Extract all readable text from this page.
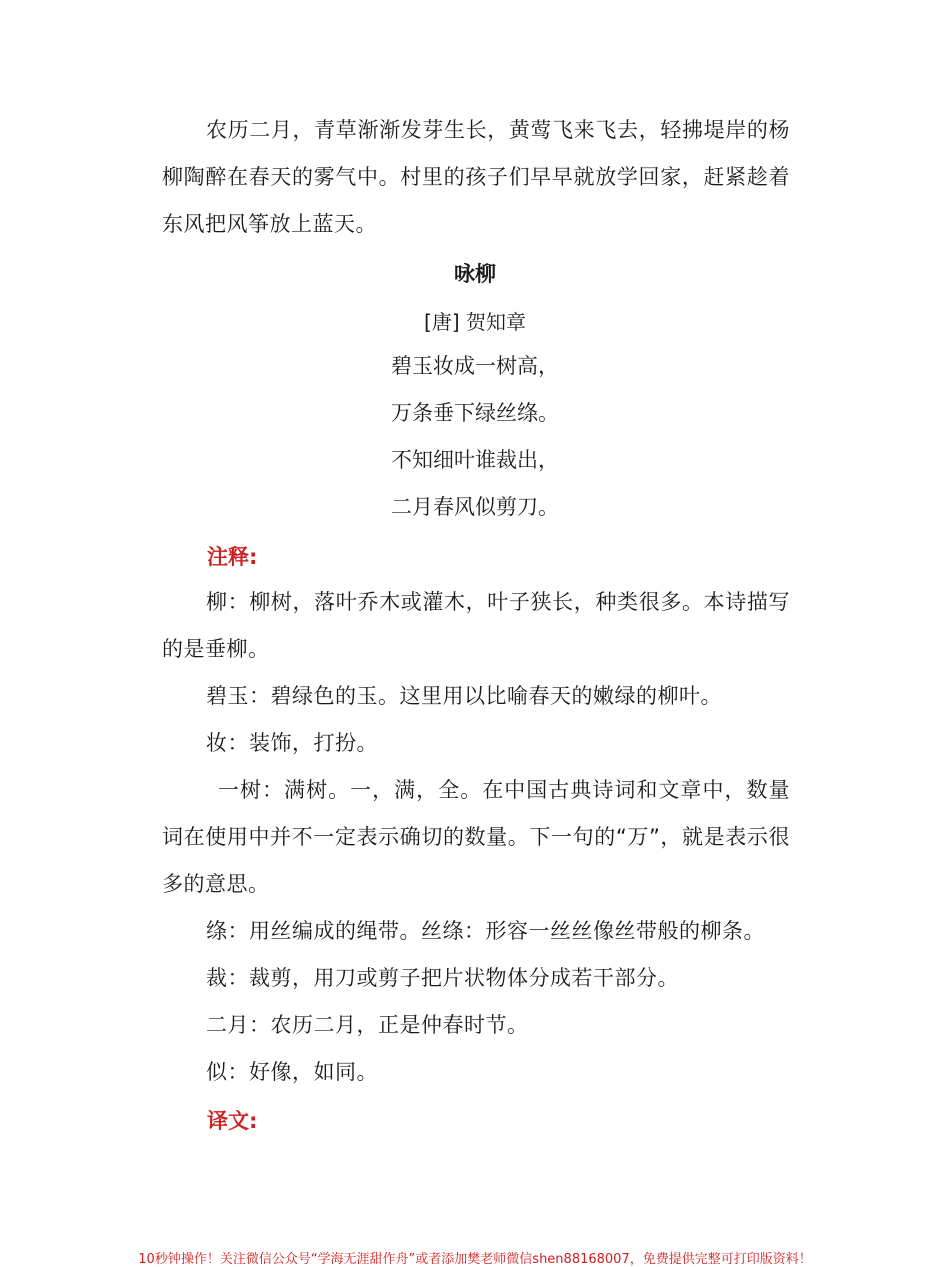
农历二月，青草渐渐发芽生长，黄莺飞来飞去，轻拂堤岸的杨柳陶醉在春天的雾气中。村里的孩子们早早就放学回家，赶紧趁着东风把风筝放上蓝天。

咏柳

[唐] 贺知章

碧玉妆成一树高，
万条垂下绿丝绦。
不知细叶谁裁出，
二月春风似剪刀。
注释:

柳：柳树，落叶乔木或灌木，叶子狭长，种类很多。本诗描写的是垂柳。

碧玉：碧绿色的玉。这里用以比喻春天的嫩绿的柳叶。

妆：装饰，打扮。

一树：满树。一，满，全。在中国古典诗词和文章中，数量词在使用中并不一定表示确切的数量。下一句的“万”，就是表示很多的意思。

绦：用丝编成的绳带。丝绦：形容一丝丝像丝带般的柳条。

裁：裁剪，用刀或剪子把片状物体分成若干部分。

二月：农历二月，正是仲春时节。

似：好像，如同。

译文:

10秒钟操作！关注微信公众号“学海无涯甜作舟”或者添加樊老师微信shen88168007，免费提供完整可打印版资料！
